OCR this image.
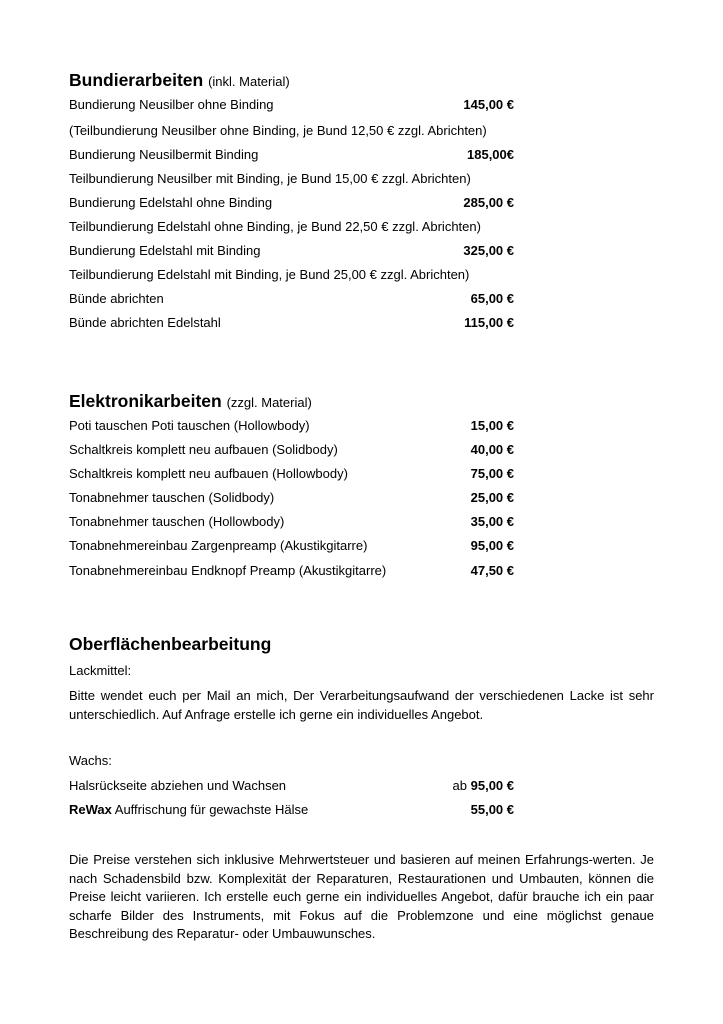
Bundierarbeiten (inkl. Material)
Bundierung Neusilber ohne Binding	145,00 €
(Teilbundierung Neusilber ohne Binding, je Bund 12,50 € zzgl. Abrichten)
Bundierung Neusilbermit Binding	185,00€
Teilbundierung Neusilber mit Binding, je Bund 15,00 € zzgl. Abrichten)
Bundierung Edelstahl ohne Binding	285,00 €
Teilbundierung Edelstahl ohne Binding, je Bund 22,50 € zzgl. Abrichten)
Bundierung Edelstahl mit Binding	325,00 €
Teilbundierung Edelstahl mit Binding, je Bund 25,00 € zzgl. Abrichten)
Bünde abrichten	65,00 €
Bünde abrichten Edelstahl	115,00 €
Elektronikarbeiten (zzgl. Material)
Poti tauschen Poti tauschen (Hollowbody)	15,00 €
Schaltkreis komplett neu aufbauen (Solidbody)	40,00 €
Schaltkreis komplett neu aufbauen (Hollowbody)	75,00 €
Tonabnehmer tauschen (Solidbody)	25,00 €
Tonabnehmer tauschen (Hollowbody)	35,00 €
Tonabnehmereinbau Zargenpreamp (Akustikgitarre)	95,00 €
Tonabnehmereinbau Endknopf Preamp (Akustikgitarre)	47,50 €
Oberflächenbearbeitung
Lackmittel:
Bitte wendet euch per Mail an mich, Der Verarbeitungsaufwand der verschiedenen Lacke ist sehr unterschiedlich. Auf Anfrage erstelle ich gerne ein individuelles Angebot.
Wachs:
Halsrückseite abziehen und Wachsen	ab 95,00 €
ReWax Auffrischung für gewachste Hälse	55,00 €
Die Preise verstehen sich inklusive Mehrwertsteuer und basieren auf meinen Erfahrungs-werten. Je nach Schadensbild bzw. Komplexität der Reparaturen, Restaurationen und Umbauten, können die Preise leicht variieren. Ich erstelle euch gerne ein individuelles Angebot, dafür brauche ich ein paar scharfe Bilder des Instruments, mit Fokus auf die Problemzone und eine möglichst genaue Beschreibung des Reparatur- oder Umbauwunsches.
